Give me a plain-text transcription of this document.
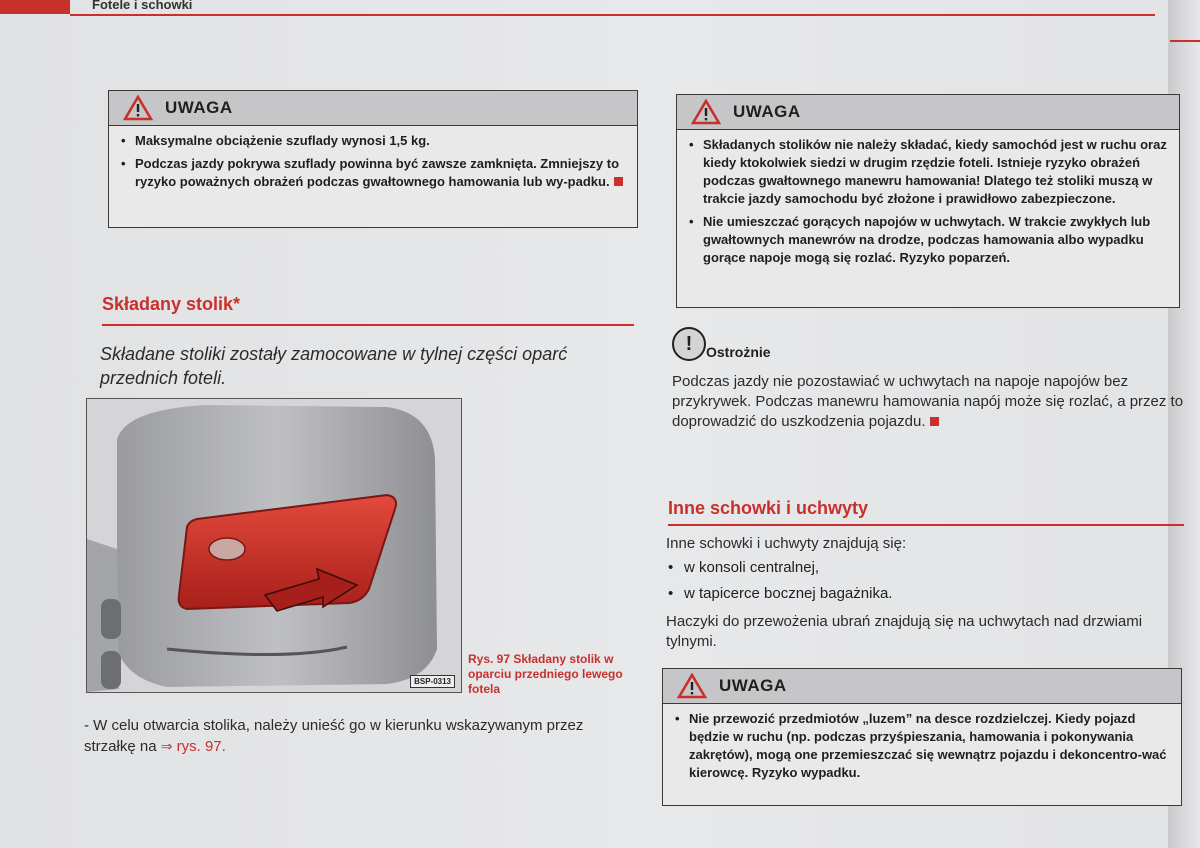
Fotele i schowki
UWAGA
• Maksymalne obciążenie szuflady wynosi 1,5 kg.
• Podczas jazdy pokrywa szuflady powinna być zawsze zamknięta. Zmniejszy to ryzyko poważnych obrażeń podczas gwałtownego hamowania lub wy-padku.
Składany stolik*
Składane stoliki zostały zamocowane w tylnej części oparć przednich foteli.
BSP-0313
Rys. 97 Składany stolik w oparciu przedniego lewego fotela
- W celu otwarcia stolika, należy unieść go w kierunku wskazywanym przez strzałkę na ⇒ rys. 97.
UWAGA
• Składanych stolików nie należy składać, kiedy samochód jest w ruchu oraz kiedy ktokolwiek siedzi w drugim rzędzie foteli. Istnieje ryzyko obrażeń podczas gwałtownego manewru hamowania! Dlatego też stoliki muszą w trakcie jazdy samochodu być złożone i prawidłowo zabezpieczone.
• Nie umieszczać gorących napojów w uchwytach. W trakcie zwykłych lub gwałtownych manewrów na drodze, podczas hamowania albo wypadku gorące napoje mogą się rozlać. Ryzyko poparzeń.
! Ostrożnie
Podczas jazdy nie pozostawiać w uchwytach na napoje napojów bez przykrywek. Podczas manewru hamowania napój może się rozlać, a przez to doprowadzić do uszkodzenia pojazdu.
Inne schowki i uchwyty
Inne schowki i uchwyty znajdują się:
• w konsoli centralnej,
• w tapicerce bocznej bagażnika.
Haczyki do przewożenia ubrań znajdują się na uchwytach nad drzwiami tylnymi.
UWAGA
• Nie przewozić przedmiotów „luzem” na desce rozdzielczej. Kiedy pojazd będzie w ruchu (np. podczas przyśpieszania, hamowania i pokonywania zakrętów), mogą one przemieszczać się wewnątrz pojazdu i dekoncentro-wać kierowcę. Ryzyko wypadku.
